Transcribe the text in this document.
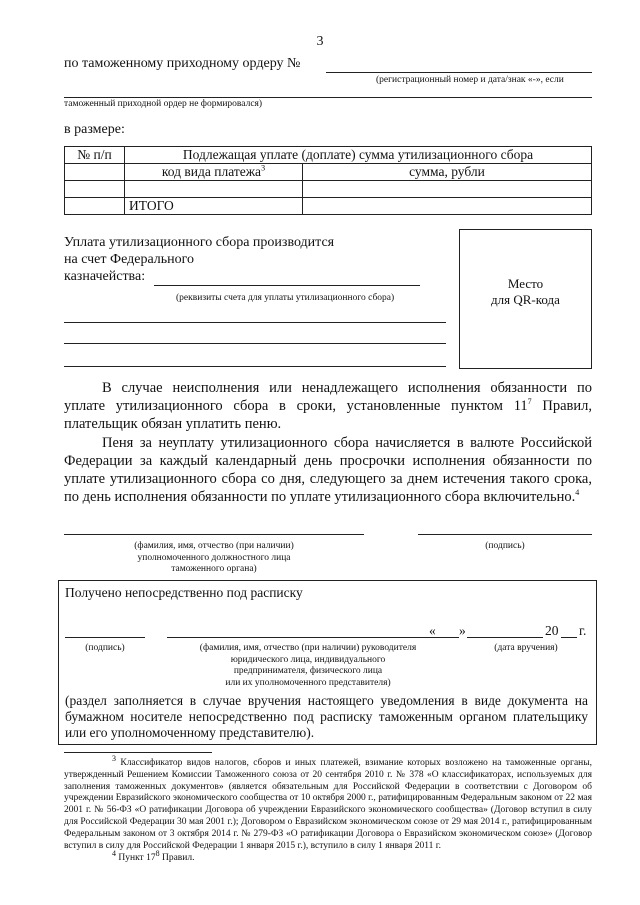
3
по таможенному приходному ордеру №
(регистрационный номер и дата/знак «-», если
таможенный приходной ордер не формировался)
в размере:
№ п/п	Подлежащая уплате (доплате) сумма утилизационного сбора	
	код вида платежа$^3$	сумма, рубли

	ИТОГО	
Уплата утилизационного сбора производится
на счет Федерального
казначейства:
(реквизиты счета для уплаты утилизационного сбора)
Место
для QR-кода
В случае неисполнения или ненадлежащего исполнения обязанности по уплате утилизационного сбора в сроки, установленные пунктом $11^7$ Правил, плательщик обязан уплатить пеню.
Пеня за неуплату утилизационного сбора начисляется в валюте Российской Федерации за каждый календарный день просрочки исполнения обязанности по уплате утилизационного сбора со дня, следующего за днем истечения такого срока, по день исполнения обязанности по уплате утилизационного сбора включительно.$^4$
(фамилия, имя, отчество (при наличии)
уполномоченного должностного лица
таможенного органа)
(подпись)
Получено непосредственно под расписку
« »	20 г.
(подпись)	(фамилия, имя, отчество (при наличии) руководителя
юридического лица, индивидуального
предпринимателя, физического лица
или их уполномоченного представителя)
(дата вручения)
(раздел заполняется в случае вручения настоящего уведомления в виде документа на бумажном носителе непосредственно под расписку таможенным органом плательщику или его уполномоченному представителю).
$^3$ Классификатор видов налогов, сборов и иных платежей, взимание которых возложено на таможенные органы, утвержденный Решением Комиссии Таможенного союза от 20 сентября 2010 г. № 378 «О классификаторах, используемых для заполнения таможенных документов» (является обязательным для Российской Федерации в соответствии с Договором об учреждении Евразийского экономического сообщества от 10 октября 2000 г., ратифицированным Федеральным законом от 22 мая 2001 г. № 56-ФЗ «О ратификации Договора об учреждении Евразийского экономического сообщества» (Договор вступил в силу для Российской Федерации 30 мая 2001 г.); Договором о Евразийском экономическом союзе от 29 мая 2014 г., ратифицированным Федеральным законом от 3 октября 2014 г. № 279-ФЗ «О ратификации Договора о Евразийском экономическом союзе» (Договор вступил в силу для Российской Федерации 1 января 2015 г.), вступило в силу 1 января 2011 г.
$^4$ Пункт $17^8$ Правил.
